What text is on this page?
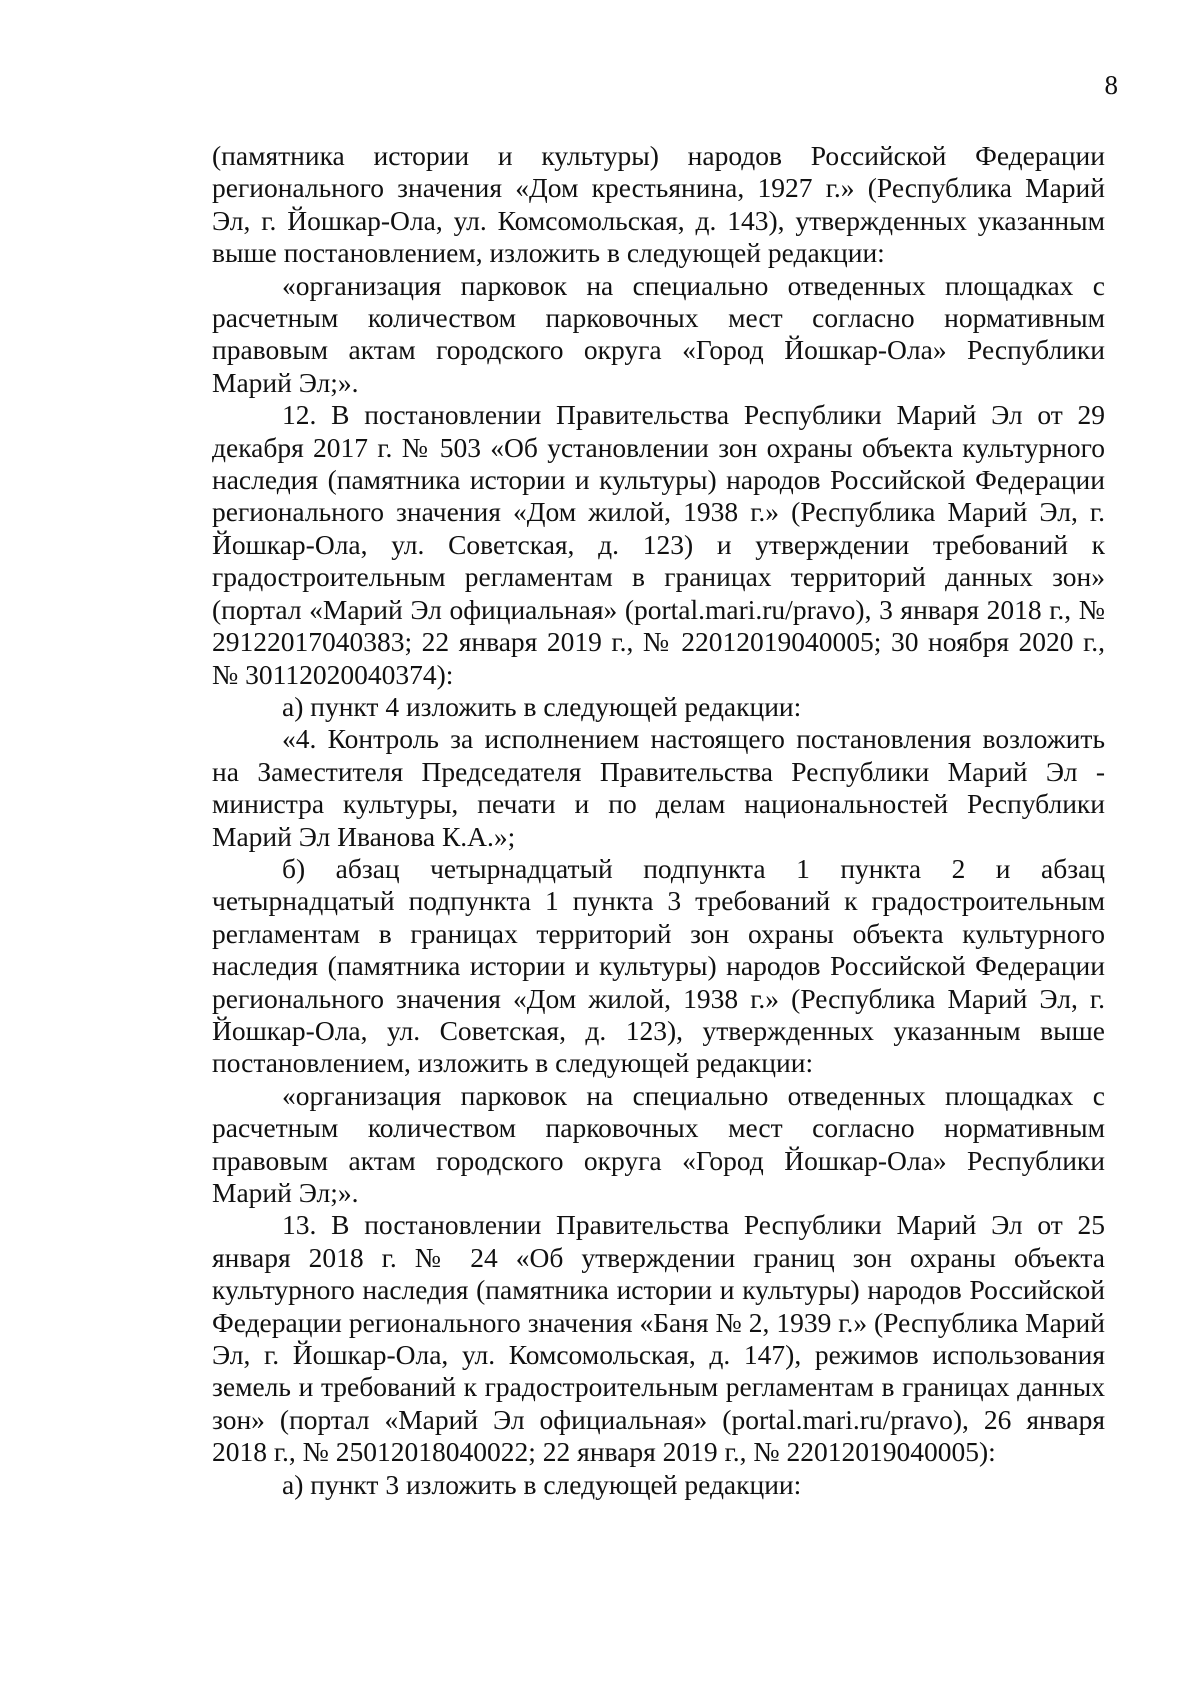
8

(памятника истории и культуры) народов Российской Федерации регионального значения «Дом крестьянина, 1927 г.» (Республика Марий Эл, г. Йошкар-Ола, ул. Комсомольская, д. 143), утвержденных указанным выше постановлением, изложить в следующей редакции:

«организация парковок на специально отведенных площадках с расчетным количеством парковочных мест согласно нормативным правовым актам городского округа «Город Йошкар-Ола» Республики Марий Эл;».

12. В постановлении Правительства Республики Марий Эл от 29 декабря 2017 г. № 503 «Об установлении зон охраны объекта культурного наследия (памятника истории и культуры) народов Российской Федерации регионального значения «Дом жилой, 1938 г.» (Республика Марий Эл, г. Йошкар-Ола, ул. Советская, д. 123) и утверждении требований к градостроительным регламентам в границах территорий данных зон» (портал «Марий Эл официальная» (portal.mari.ru/pravo), 3 января 2018 г., № 29122017040383; 22 января 2019 г., № 22012019040005; 30 ноября 2020 г., № 30112020040374):

а) пункт 4 изложить в следующей редакции:

«4. Контроль за исполнением настоящего постановления возложить на Заместителя Председателя Правительства Республики Марий Эл - министра культуры, печати и по делам национальностей Республики Марий Эл Иванова К.А.»;

б) абзац четырнадцатый подпункта 1 пункта 2 и абзац четырнадцатый подпункта 1 пункта 3 требований к градостроительным регламентам в границах территорий зон охраны объекта культурного наследия (памятника истории и культуры) народов Российской Федерации регионального значения «Дом жилой, 1938 г.» (Республика Марий Эл, г. Йошкар-Ола, ул. Советская, д. 123), утвержденных указанным выше постановлением, изложить в следующей редакции:

«организация парковок на специально отведенных площадках с расчетным количеством парковочных мест согласно нормативным правовым актам городского округа «Город Йошкар-Ола» Республики Марий Эл;».

13. В постановлении Правительства Республики Марий Эл от 25 января 2018 г. № 24 «Об утверждении границ зон охраны объекта культурного наследия (памятника истории и культуры) народов Российской Федерации регионального значения «Баня № 2, 1939 г.» (Республика Марий Эл, г. Йошкар-Ола, ул. Комсомольская, д. 147), режимов использования земель и требований к градостроительным регламентам в границах данных зон» (портал «Марий Эл официальная» (portal.mari.ru/pravo), 26 января 2018 г., № 25012018040022; 22 января 2019 г., № 22012019040005):

а) пункт 3 изложить в следующей редакции:
